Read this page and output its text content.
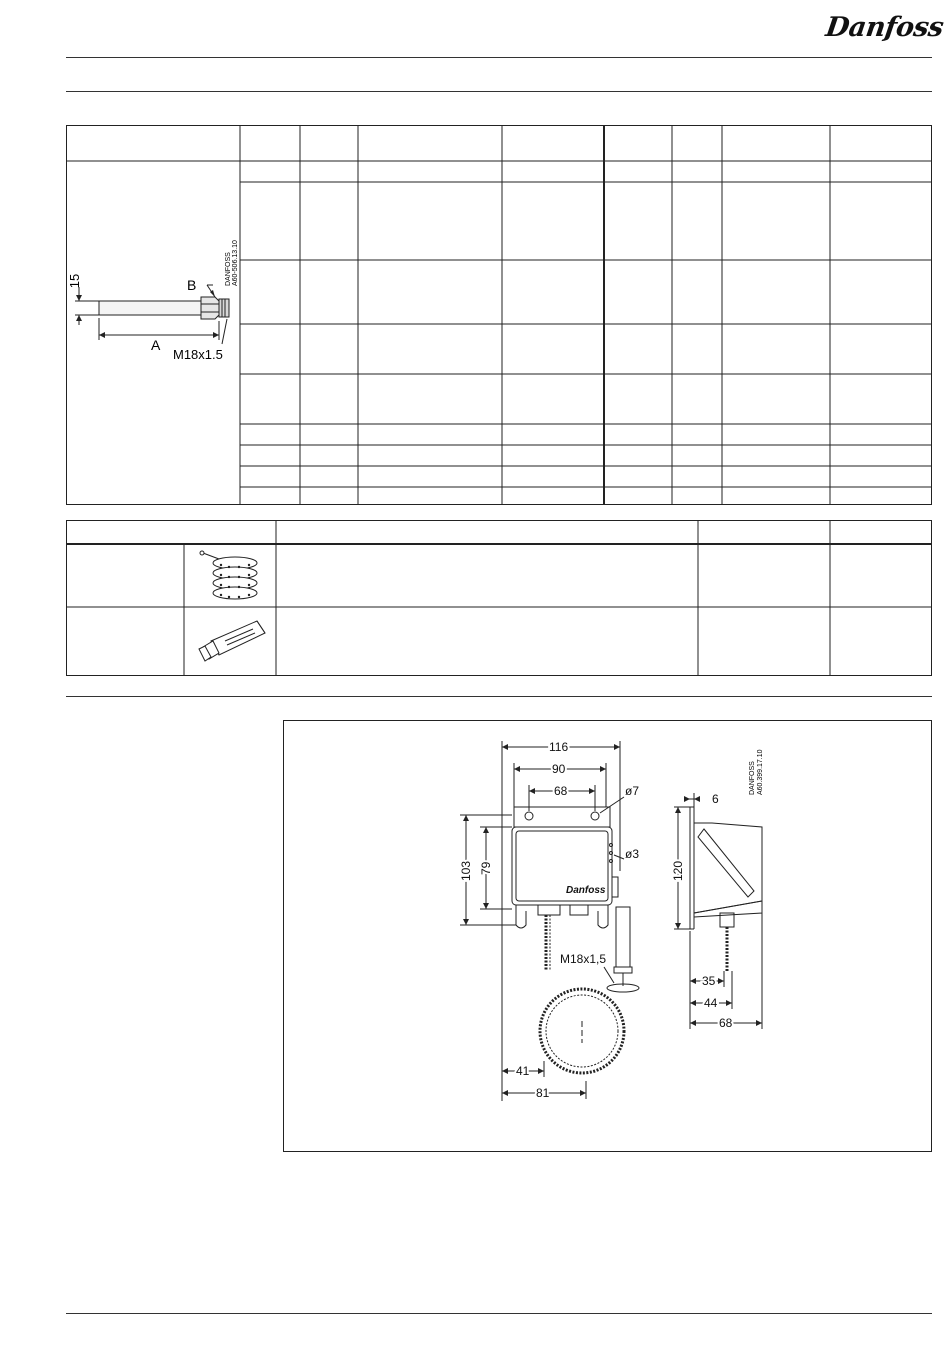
Danfoss
15	B
A
M18x1.5
DANFOSS A60-506.13.10
116
90
68	ø7
ø3
103 79
M18x1,5
41
81
6
120
35
44
68
Danfoss
DANFOSS A60.399.17.10
